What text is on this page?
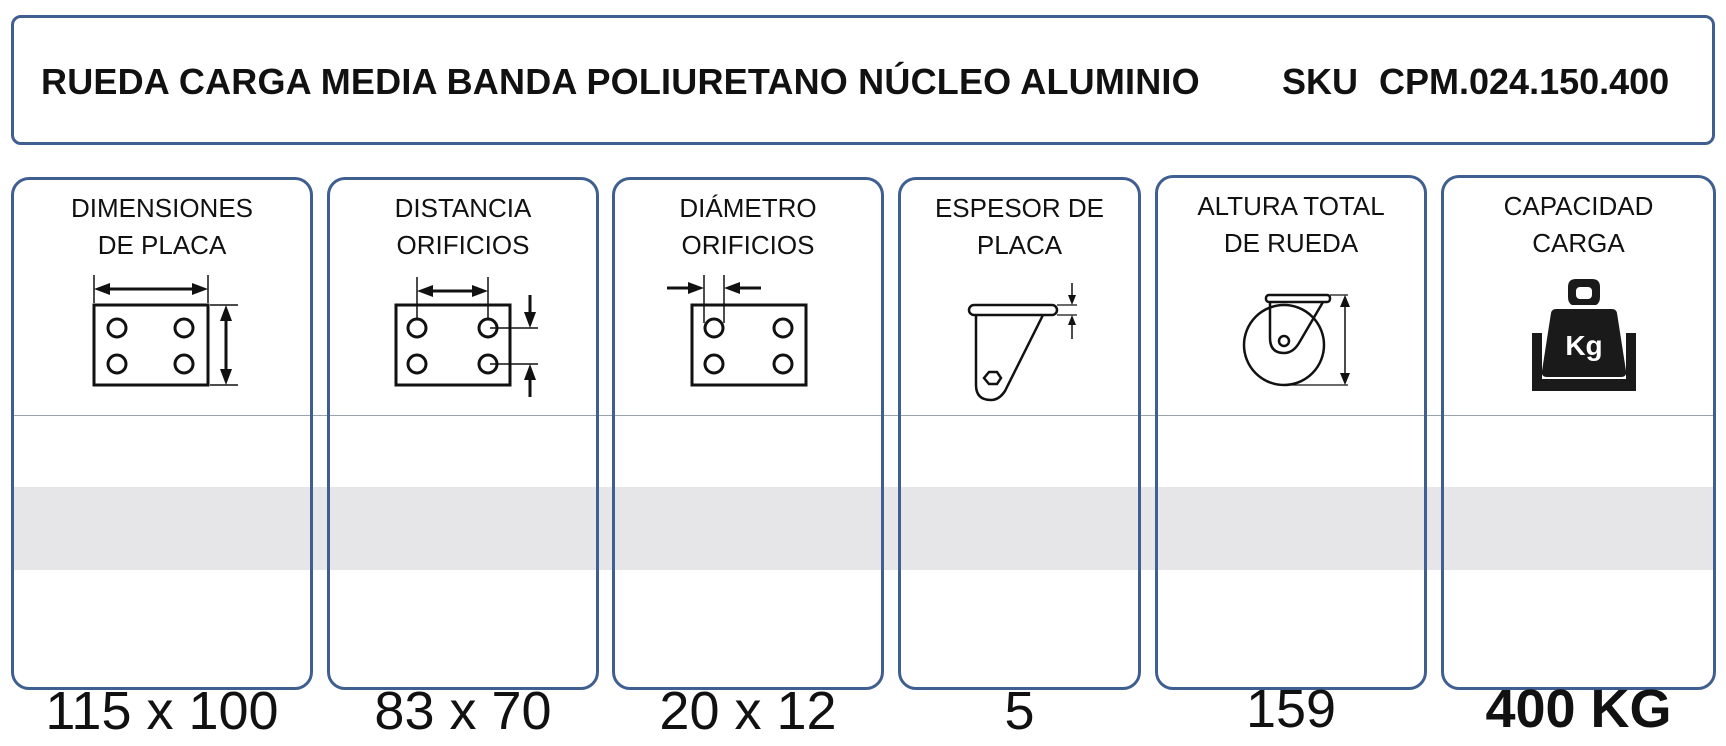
RUEDA CARGA MEDIA BANDA POLIURETANO NÚCLEO ALUMINIO SKU CPM.024.150.400
DIMENSIONES
DE PLACA
115 x 100
DISTANCIA
ORIFICIOS
83 x 70
DIÁMETRO
ORIFICIOS
20 x 12
ESPESOR DE
PLACA
5
ALTURA TOTAL
DE RUEDA
159
CAPACIDAD
CARGA
Kg
400 KG
